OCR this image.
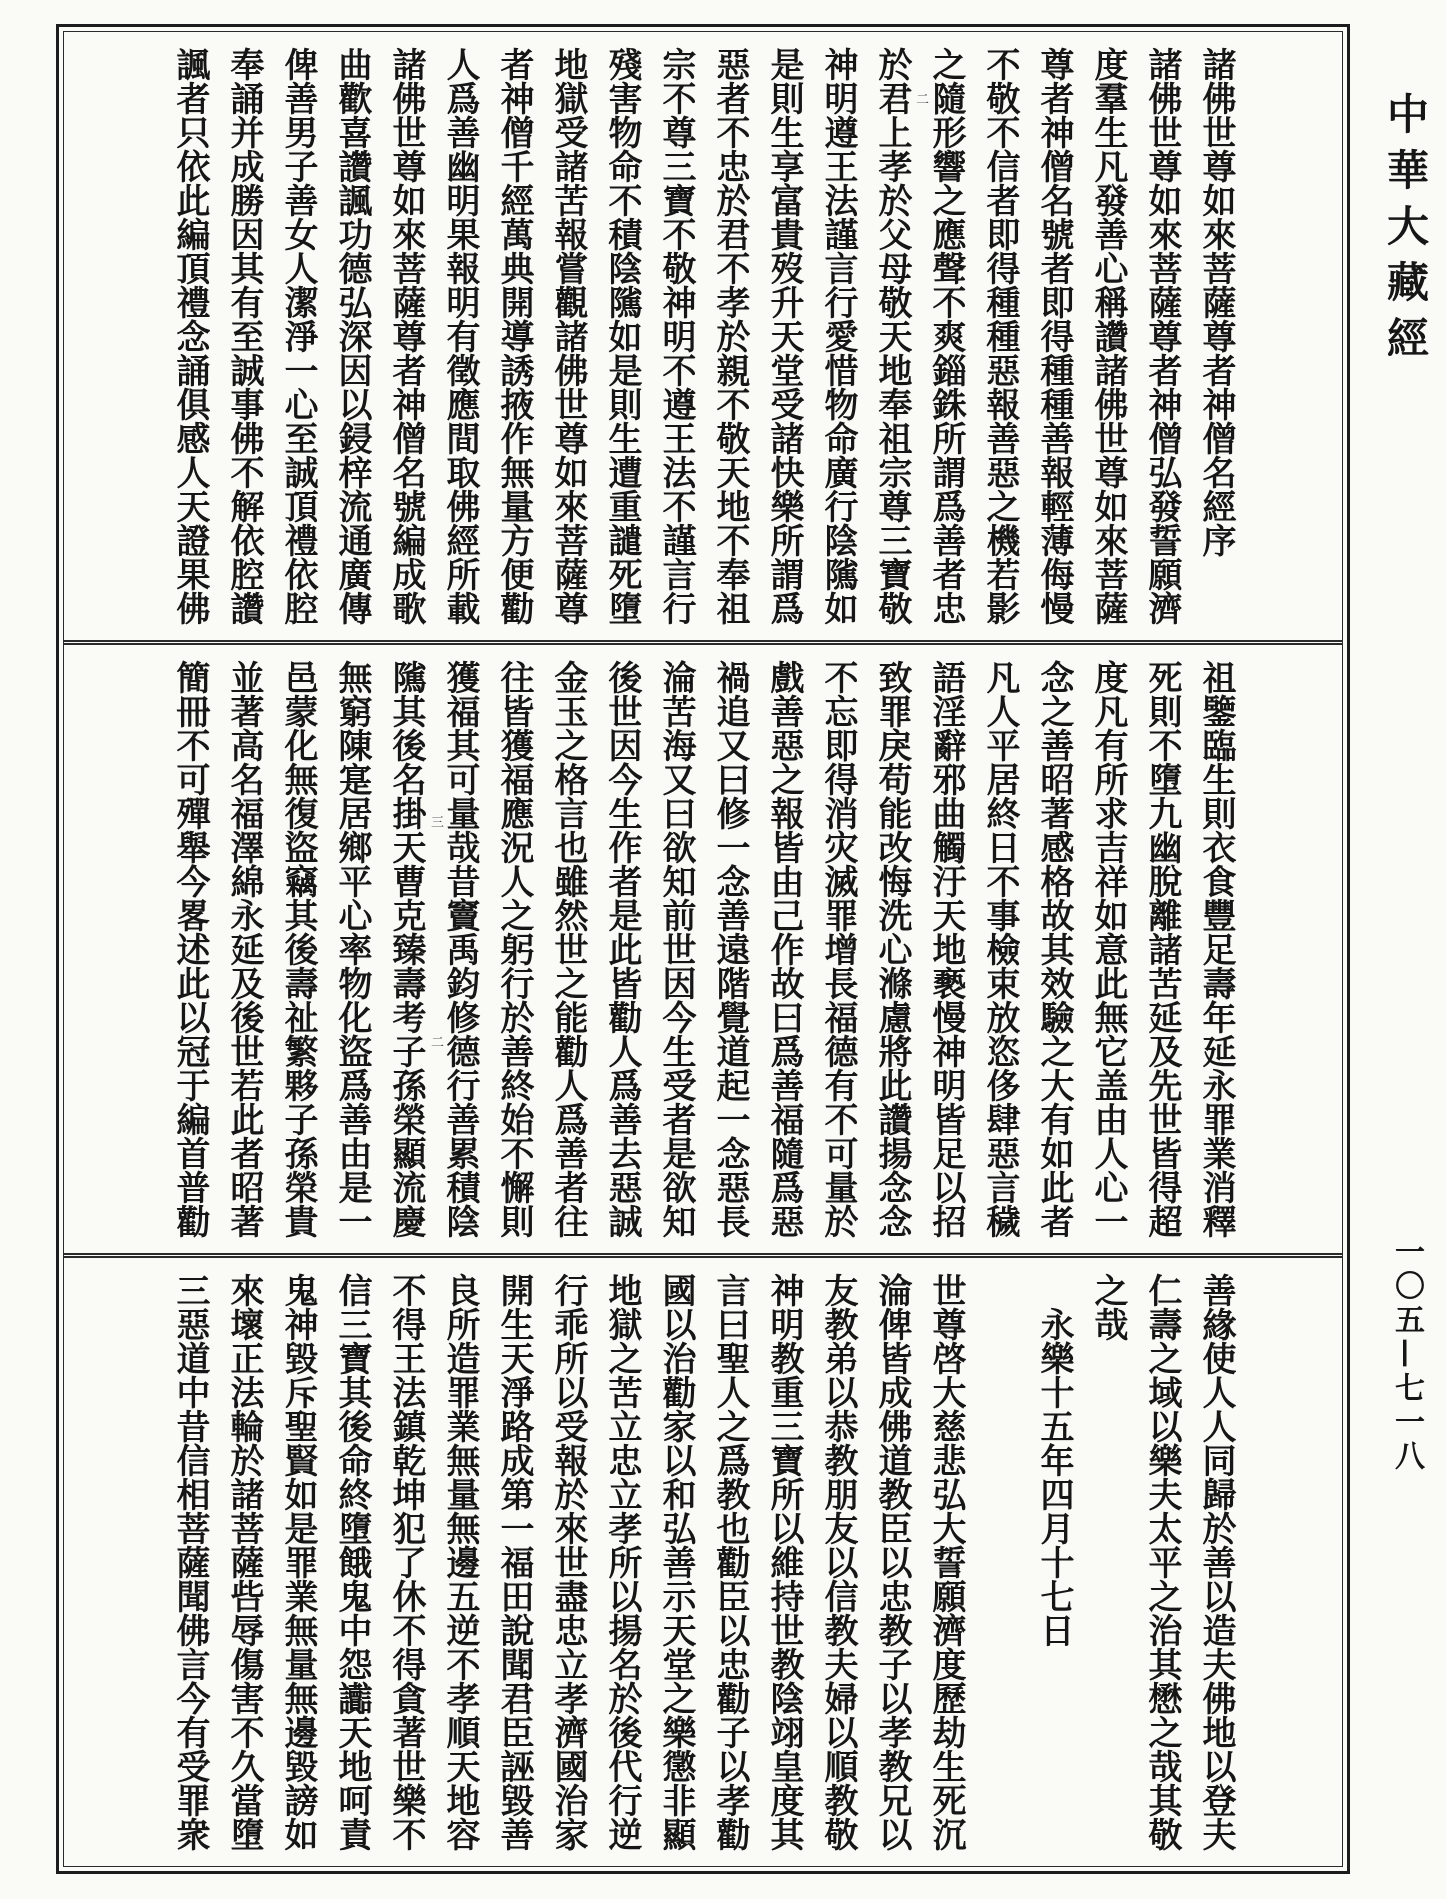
中華大藏經
一〇五—七一八
諸佛世尊如來菩薩尊者神僧名經序
諸佛世尊如來菩薩尊者神僧弘發誓願濟
度羣生凡發善心稱讚諸佛世尊如來菩薩
尊者神僧名號者即得種種善報輕薄侮慢
不敬不信者即得種種惡報善惡之機若影
之隨形響之應聲不爽錙銖所謂爲善者忠
於君上孝於父母敬天地奉祖宗尊三寶敬
神明遵王法謹言行愛惜物命廣行陰隲如
是則生享富貴歿升天堂受諸快樂所謂爲
惡者不忠於君不孝於親不敬天地不奉祖
宗不尊三寶不敬神明不遵王法不謹言行
殘害物命不積陰隲如是則生遭重譴死墮
地獄受諸苦報嘗觀諸佛世尊如來菩薩尊
者神僧千經萬典開導誘掖作無量方便勸
人爲善幽明果報明有徵應間取佛經所載
諸佛世尊如來菩薩尊者神僧名號編成歌
曲歡喜讚諷功德弘深因以鋟梓流通廣傳
俾善男子善女人潔淨一心至誠頂禮依腔
奉誦并成勝因其有至誠事佛不解依腔讚
諷者只依此編頂禮念誦俱感人天證果佛	二
祖鑒臨生則衣食豐足壽年延永罪業消釋
死則不墮九幽脫離諸苦延及先世皆得超
度凡有所求吉祥如意此無它盖由人心一
念之善昭著感格故其效驗之大有如此者
凡人平居終日不事檢束放恣侈肆惡言穢
語淫辭邪曲觸汙天地褻慢神明皆足以招
致罪戾苟能改悔洗心滌慮將此讚揚念念
不忘即得消灾滅罪增長福德有不可量於
戲善惡之報皆由己作故曰爲善福隨爲惡
禍追又曰修一念善遠階覺道起一念惡長
淪苦海又曰欲知前世因今生受者是欲知
後世因今生作者是此皆勸人爲善去惡誠
金玉之格言也雖然世之能勸人爲善者往
往皆獲福應況人之躬行於善終始不懈則
獲福其可量哉昔竇禹鈞修德行善累積陰
隲其後名掛天曹克臻壽考子孫榮顯流慶
無窮陳寔居鄉平心率物化盜爲善由是一
邑蒙化無復盜竊其後壽祉繁夥子孫榮貴
並著高名福澤綿永延及後世若此者昭著
簡冊不可殫舉今畧述此以冠于編首普勸	三
二
善緣使人人同歸於善以造夫佛地以登夫
仁壽之域以樂夫太平之治其懋之哉其敬
之哉
永樂十五年四月十七日
世尊啓大慈悲弘大誓願濟度歷劫生死沉
淪俾皆成佛道教臣以忠教子以孝教兄以
友教弟以恭教朋友以信教夫婦以順教敬
神明教重三寶所以維持世教陰翊皇度其
言曰聖人之爲教也勸臣以忠勸子以孝勸
國以治勸家以和弘善示天堂之樂懲非顯
地獄之苦立忠立孝所以揚名於後代行逆
行乖所以受報於來世盡忠立孝濟國治家
開生天淨路成第一福田說聞君臣誣毀善
良所造罪業無量無邊五逆不孝順天地容
不得王法鎮乾坤犯了休不得貪著世樂不
信三寶其後命終墮餓鬼中怨讟天地呵責
鬼神毀斥聖賢如是罪業無量無邊毀謗如
來壞正法輪於諸菩薩呰辱傷害不久當墮
三惡道中昔信相菩薩聞佛言今有受罪衆
